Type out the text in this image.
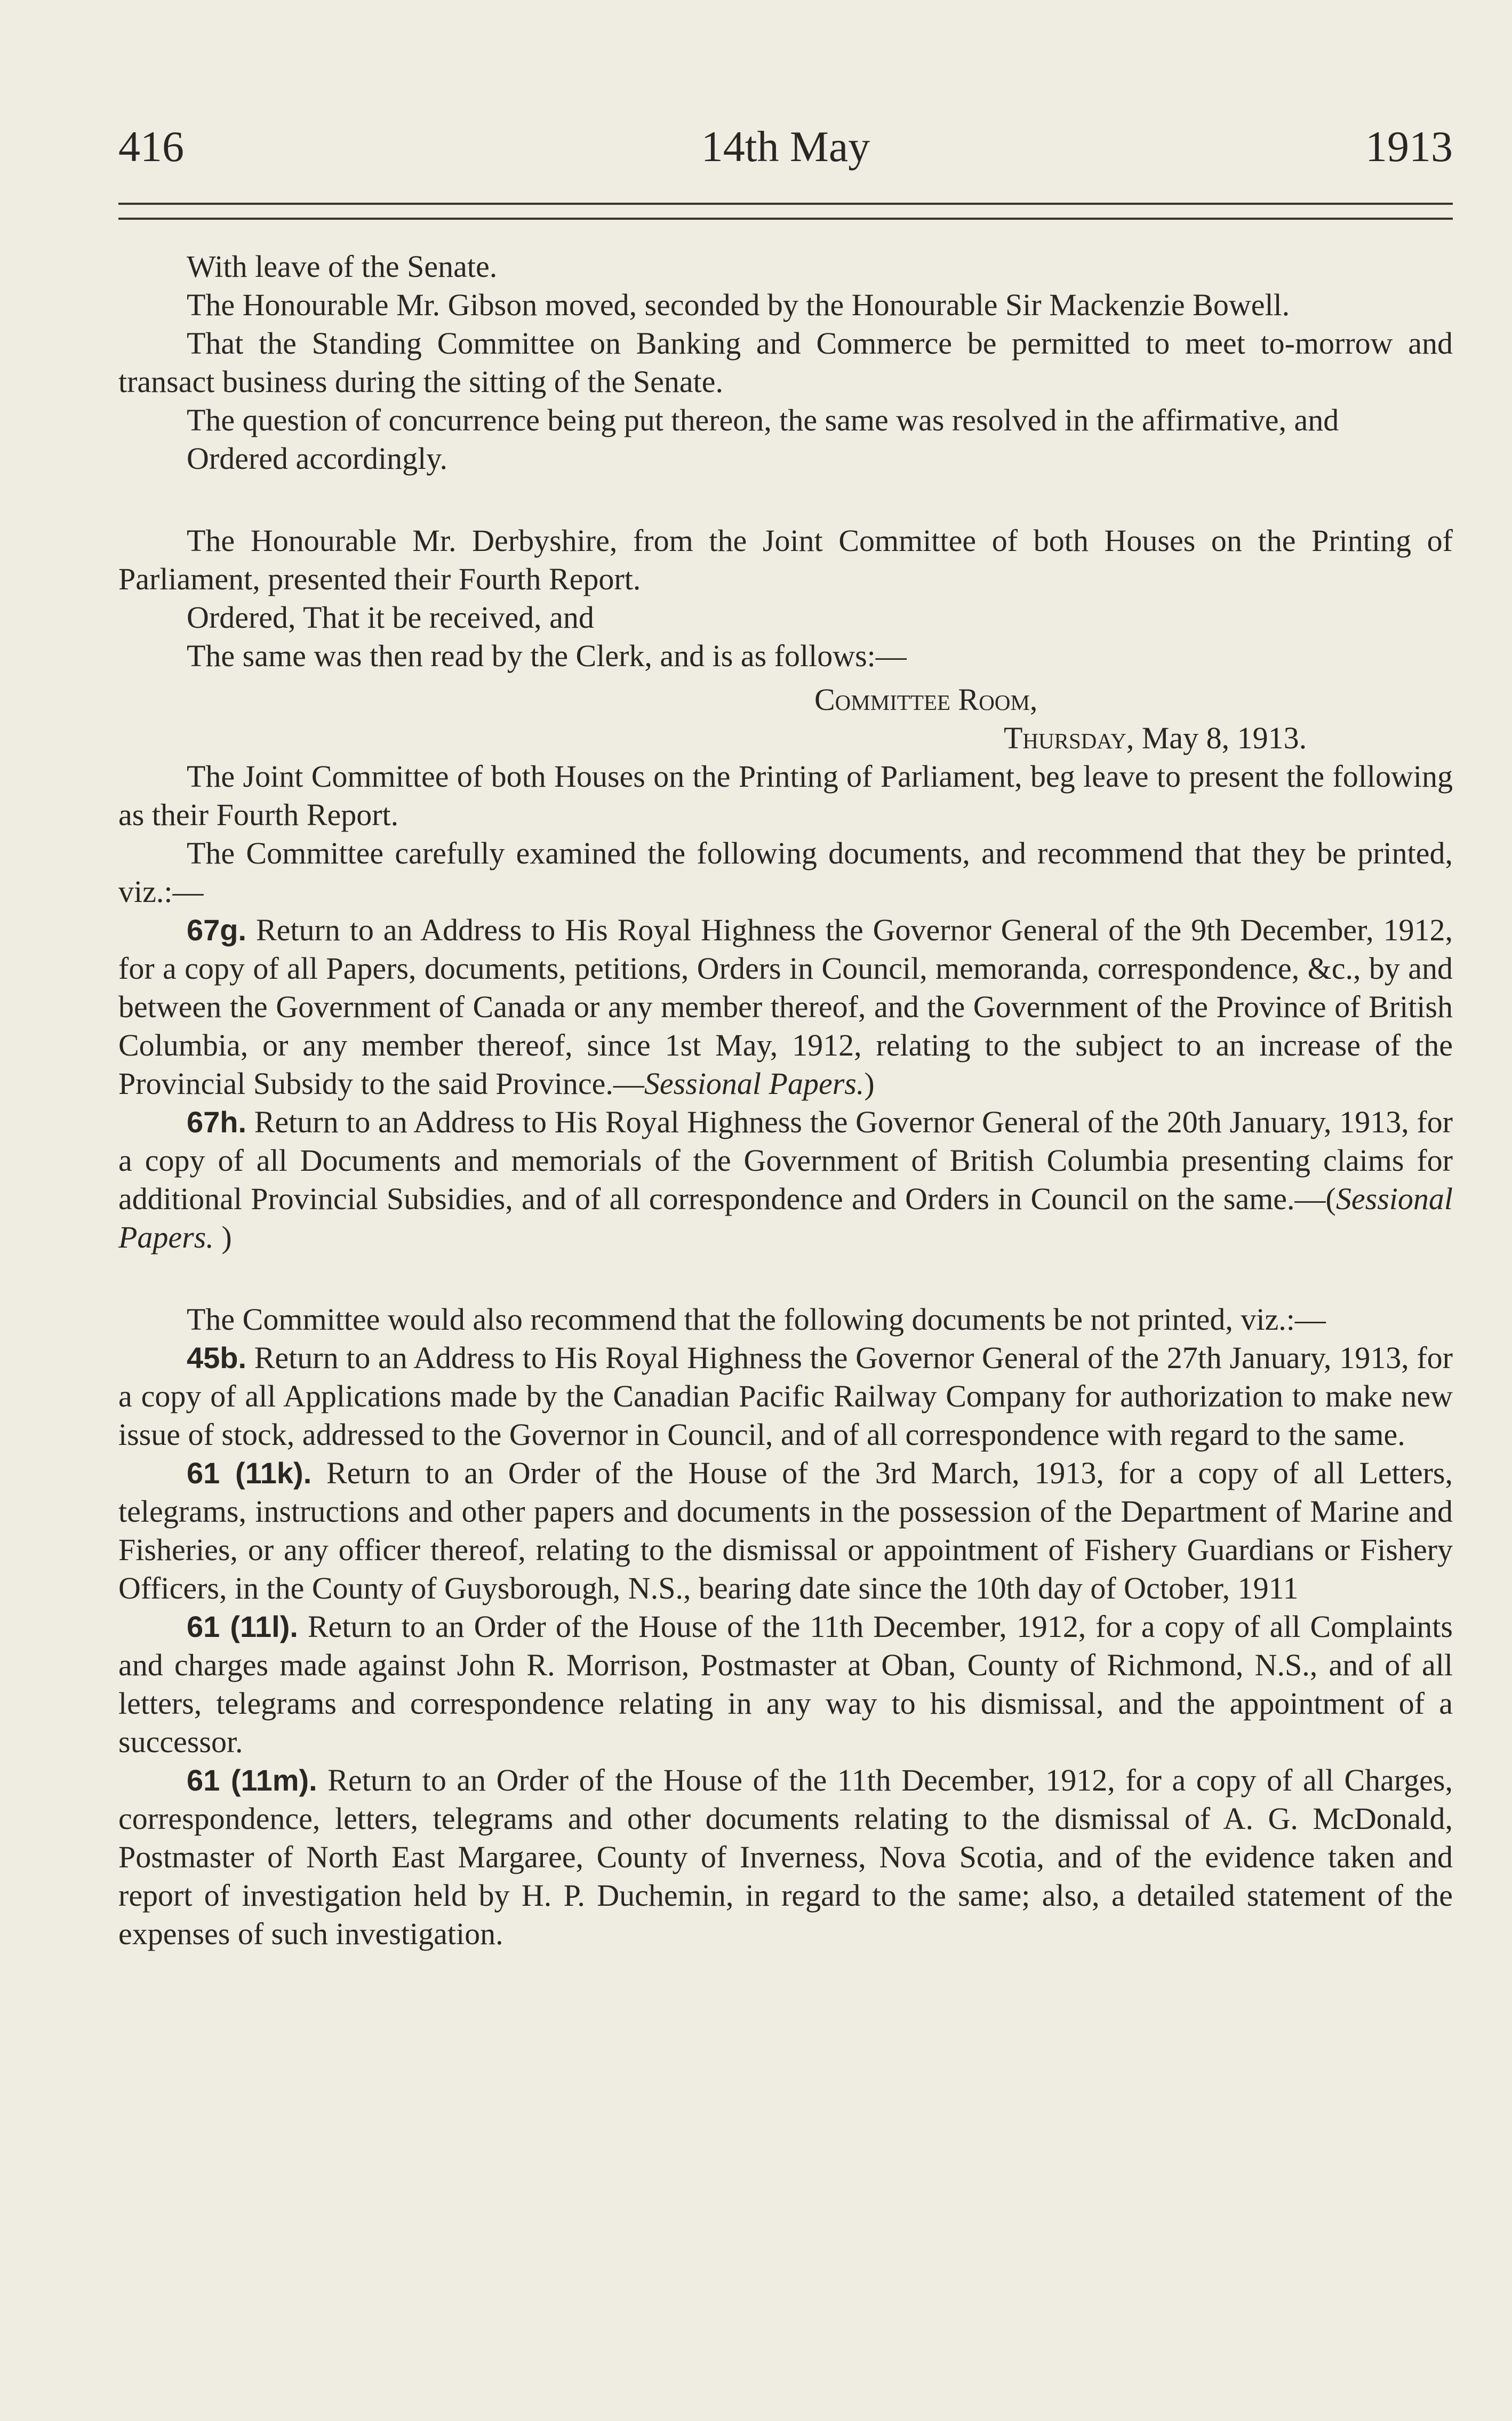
416	14th May	1913

With leave of the Senate.

The Honourable Mr. Gibson moved, seconded by the Honourable Sir Mackenzie Bowell.

That the Standing Committee on Banking and Commerce be permitted to meet to-morrow and transact business during the sitting of the Senate.

The question of concurrence being put thereon, the same was resolved in the affirmative, and

Ordered accordingly.

The Honourable Mr. Derbyshire, from the Joint Committee of both Houses on the Printing of Parliament, presented their Fourth Report.

Ordered, That it be received, and

The same was then read by the Clerk, and is as follows:—

Committee Room,
Thursday, May 8, 1913.

The Joint Committee of both Houses on the Printing of Parliament, beg leave to present the following as their Fourth Report.

The Committee carefully examined the following documents, and recommend that they be printed, viz.:—

67g. Return to an Address to His Royal Highness the Governor General of the 9th December, 1912, for a copy of all Papers, documents, petitions, Orders in Council, memoranda, correspondence, &c., by and between the Government of Canada or any member thereof, and the Government of the Province of British Columbia, or any member thereof, since 1st May, 1912, relating to the subject to an increase of the Provincial Subsidy to the said Province.—Sessional Papers.)

67h. Return to an Address to His Royal Highness the Governor General of the 20th January, 1913, for a copy of all Documents and memorials of the Government of British Columbia presenting claims for additional Provincial Subsidies, and of all correspondence and Orders in Council on the same.—(Sessional Papers. )

The Committee would also recommend that the following documents be not printed, viz.:—

45b. Return to an Address to His Royal Highness the Governor General of the 27th January, 1913, for a copy of all Applications made by the Canadian Pacific Railway Company for authorization to make new issue of stock, addressed to the Governor in Council, and of all correspondence with regard to the same.

61 (11k). Return to an Order of the House of the 3rd March, 1913, for a copy of all Letters, telegrams, instructions and other papers and documents in the possession of the Department of Marine and Fisheries, or any officer thereof, relating to the dismissal or appointment of Fishery Guardians or Fishery Officers, in the County of Guysborough, N.S., bearing date since the 10th day of October, 1911

61 (11l). Return to an Order of the House of the 11th December, 1912, for a copy of all Complaints and charges made against John R. Morrison, Postmaster at Oban, County of Richmond, N.S., and of all letters, telegrams and correspondence relating in any way to his dismissal, and the appointment of a successor.

61 (11m). Return to an Order of the House of the 11th December, 1912, for a copy of all Charges, correspondence, letters, telegrams and other documents relating to the dismissal of A. G. McDonald, Postmaster of North East Margaree, County of Inverness, Nova Scotia, and of the evidence taken and report of investigation held by H. P. Duchemin, in regard to the same; also, a detailed statement of the expenses of such investigation.
